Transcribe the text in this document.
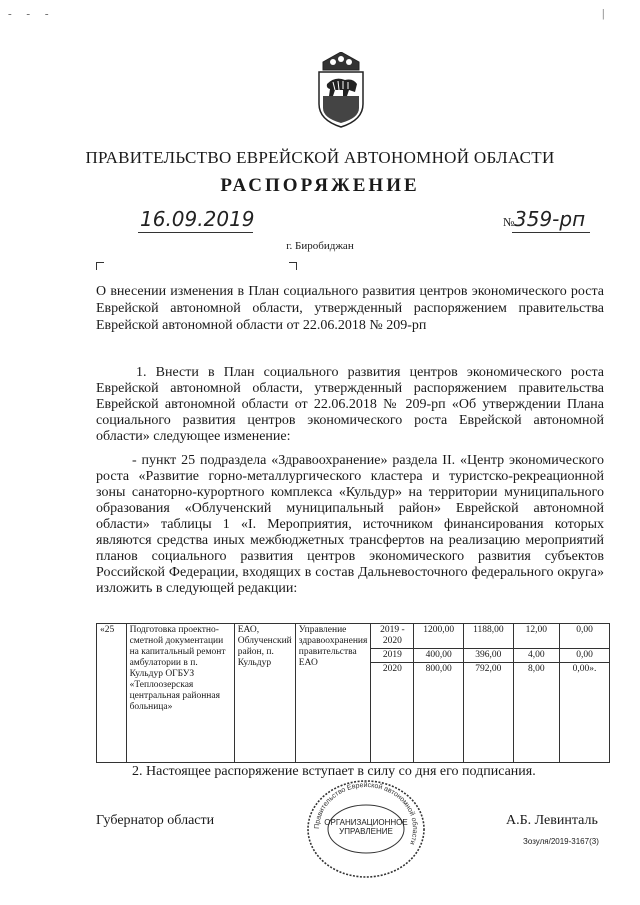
- - -	|
ПРАВИТЕЛЬСТВО ЕВРЕЙСКОЙ АВТОНОМНОЙ ОБЛАСТИ
РАСПОРЯЖЕНИЕ
16.09.2019	№ 359-рп
г. Биробиджан
О внесении изменения в План социального развития центров экономического роста Еврейской автономной области, утвержденный распоряжением правительства Еврейской автономной области от 22.06.2018 № 209-рп
1. Внести в План социального развития центров экономического роста Еврейской автономной области, утвержденный распоряжением правительства Еврейской автономной области от 22.06.2018 № 209-рп «Об утверждении Плана социального развития центров экономического роста Еврейской автономной области» следующее изменение:
- пункт 25 подраздела «Здравоохранение» раздела II. «Центр экономического роста «Развитие горно-металлургического кластера и туристско-рекреационной зоны санаторно-курортного комплекса «Кульдур» на территории муниципального образования «Облученский муниципальный район» Еврейской автономной области» таблицы 1 «I. Мероприятия, источником финансирования которых являются средства иных межбюджетных трансфертов на реализацию мероприятий планов социального развития центров экономического развития субъектов Российской Федерации, входящих в состав Дальневосточного федерального округа» изложить в следующей редакции:
«25	Подготовка проектно-сметной документации на капитальный ремонт амбулатории в п. Кульдур ОГБУЗ «Теплоозерская центральная районная больница»	ЕАО, Облученский район, п. Кульдур	Управление здравоохранения правительства ЕАО	2019 - 2020	1200,00	1188,00	12,00	0,00
				2019	400,00	396,00	4,00	0,00
				2020	800,00	792,00	8,00	0,00».
2. Настоящее распоряжение вступает в силу со дня его подписания.
Правительство Еврейской автономной области
ОРГАНИЗАЦИОННОЕ УПРАВЛЕНИЕ
Губернатор области	А.Б. Левинталь
Зозуля/2019-3167(3)
